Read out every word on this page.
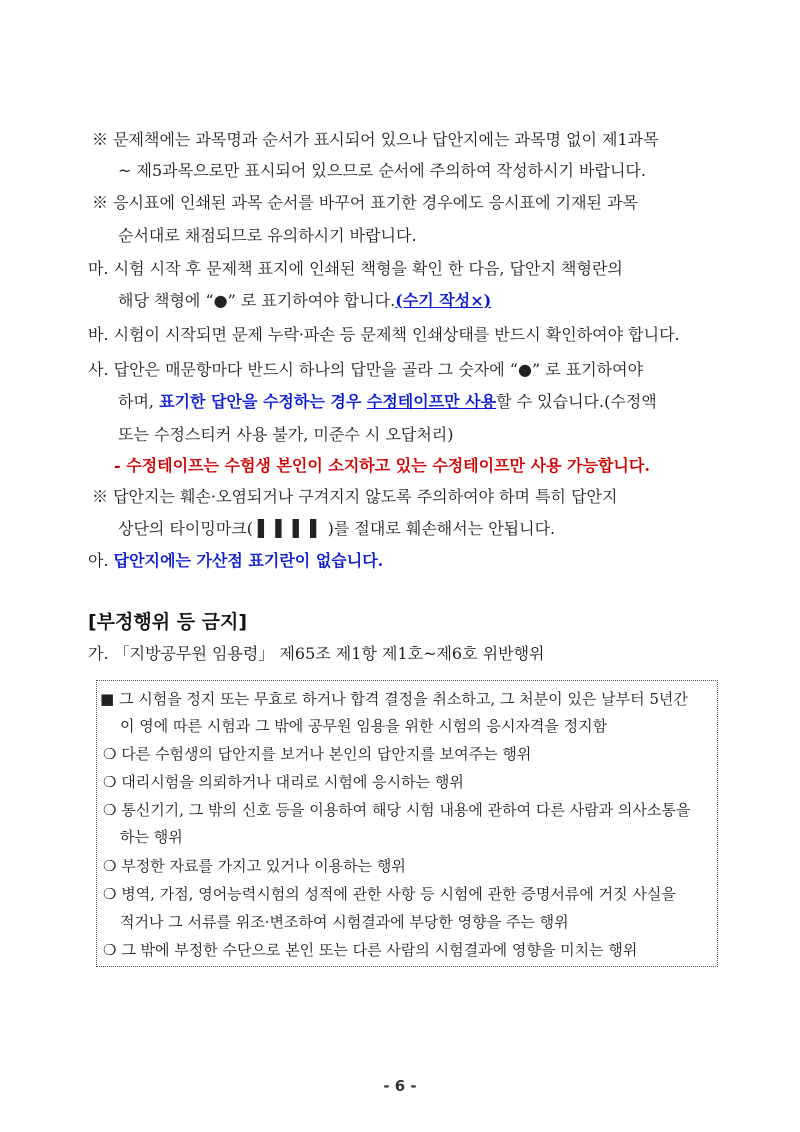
※ 문제책에는 과목명과 순서가 표시되어 있으나 답안지에는 과목명 없이 제1과목
~ 제5과목으로만 표시되어 있으므로 순서에 주의하여 작성하시기 바랍니다.
※ 응시표에 인쇄된 과목 순서를 바꾸어 표기한 경우에도 응시표에 기재된 과목
순서대로 채점되므로 유의하시기 바랍니다.
마. 시험 시작 후 문제책 표지에 인쇄된 책형을 확인 한 다음, 답안지 책형란의
해당 책형에 “●” 로 표기하여야 합니다.(수기 작성×)
바. 시험이 시작되면 문제 누락·파손 등 문제책 인쇄상태를 반드시 확인하여야 합니다.
사. 답안은 매문항마다 반드시 하나의 답만을 골라 그 숫자에 “●” 로 표기하여야
하며, 표기한 답안을 수정하는 경우 수정테이프만 사용할 수 있습니다.(수정액
또는 수정스티커 사용 불가, 미준수 시 오답처리)
- 수정테이프는 수험생 본인이 소지하고 있는 수정테이프만 사용 가능합니다.
※ 답안지는 훼손·오염되거나 구겨지지 않도록 주의하여야 하며 특히 답안지
상단의 타이밍마크( ▌ ▌ ▌ ▌ )를 절대로 훼손해서는 안됩니다.
아. 답안지에는 가산점 표기란이 없습니다.
[부정행위 등 금지]
가. 「지방공무원 임용령」 제65조 제1항 제1호~제6호 위반행위
■ 그 시험을 정지 또는 무효로 하거나 합격 결정을 취소하고, 그 처분이 있은 날부터 5년간
이 영에 따른 시험과 그 밖에 공무원 임용을 위한 시험의 응시자격을 정지함
❍ 다른 수험생의 답안지를 보거나 본인의 답안지를 보여주는 행위
❍ 대리시험을 의뢰하거나 대리로 시험에 응시하는 행위
❍ 통신기기, 그 밖의 신호 등을 이용하여 해당 시험 내용에 관하여 다른 사람과 의사소통을
하는 행위
❍ 부정한 자료를 가지고 있거나 이용하는 행위
❍ 병역, 가점, 영어능력시험의 성적에 관한 사항 등 시험에 관한 증명서류에 거짓 사실을
적거나 그 서류를 위조·변조하여 시험결과에 부당한 영향을 주는 행위
❍ 그 밖에 부정한 수단으로 본인 또는 다른 사람의 시험결과에 영향을 미치는 행위
- 6 -
